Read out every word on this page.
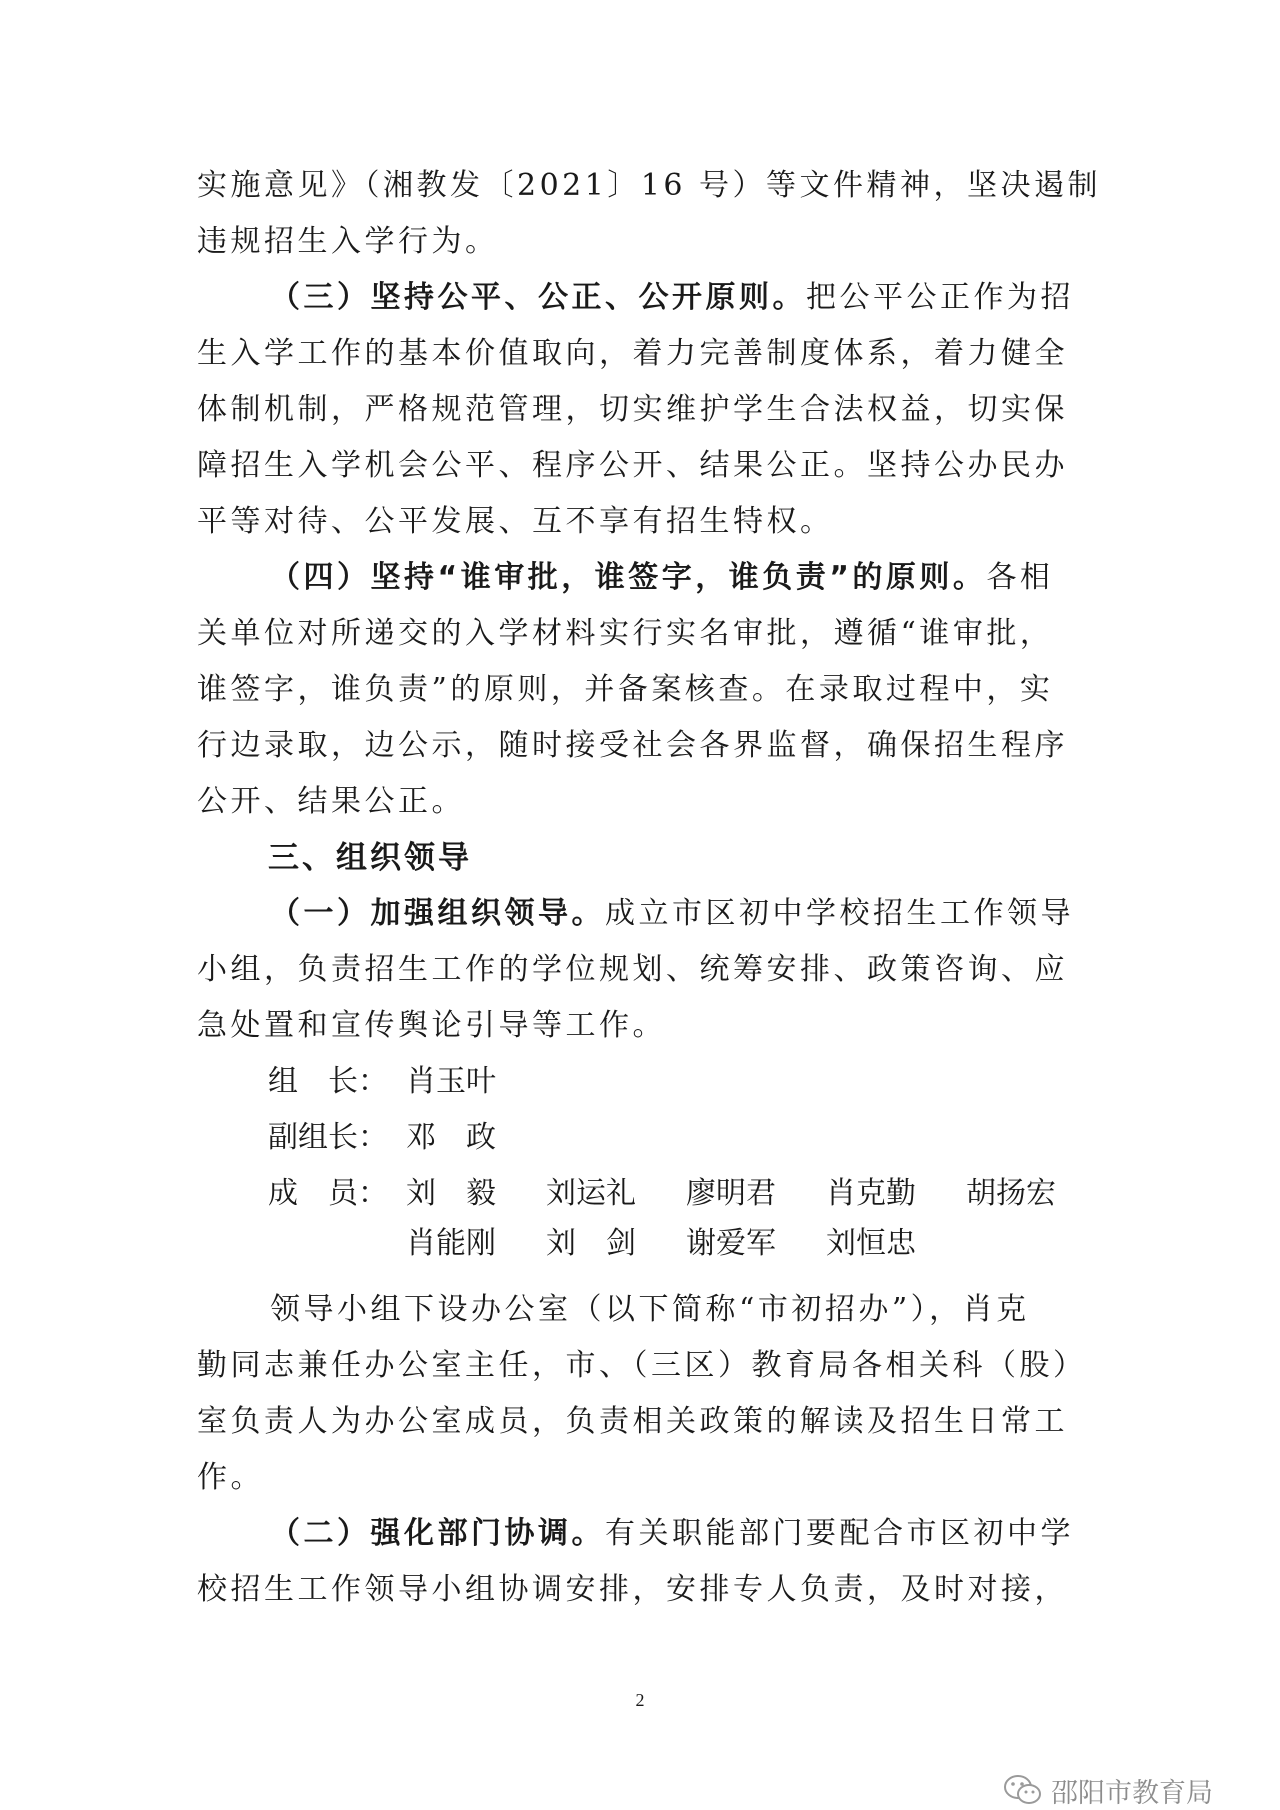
实施意见》（湘教发〔2021〕16 号）等文件精神，坚决遏制
违规招生入学行为。
（三）坚持公平、公正、公开原则。把公平公正作为招
生入学工作的基本价值取向，着力完善制度体系，着力健全
体制机制，严格规范管理，切实维护学生合法权益，切实保
障招生入学机会公平、程序公开、结果公正。坚持公办民办
平等对待、公平发展、互不享有招生特权。
（四）坚持“谁审批，谁签字，谁负责”的原则。各相
关单位对所递交的入学材料实行实名审批，遵循“谁审批，
谁签字，谁负责”的原则，并备案核查。在录取过程中，实
行边录取，边公示，随时接受社会各界监督，确保招生程序
公开、结果公正。
三、组织领导
（一）加强组织领导。成立市区初中学校招生工作领导
小组，负责招生工作的学位规划、统筹安排、政策咨询、应
急处置和宣传舆论引导等工作。
组　长： 肖玉叶
副组长： 邓　政
成　员： 刘　毅 刘运礼 廖明君 肖克勤 胡扬宏
肖能刚 刘　剑 谢爱军 刘恒忠
领导小组下设办公室（以下简称“市初招办”），肖克
勤同志兼任办公室主任，市、（三区）教育局各相关科（股）
室负责人为办公室成员，负责相关政策的解读及招生日常工
作。
（二）强化部门协调。有关职能部门要配合市区初中学
校招生工作领导小组协调安排，安排专人负责，及时对接，
2
邵阳市教育局
